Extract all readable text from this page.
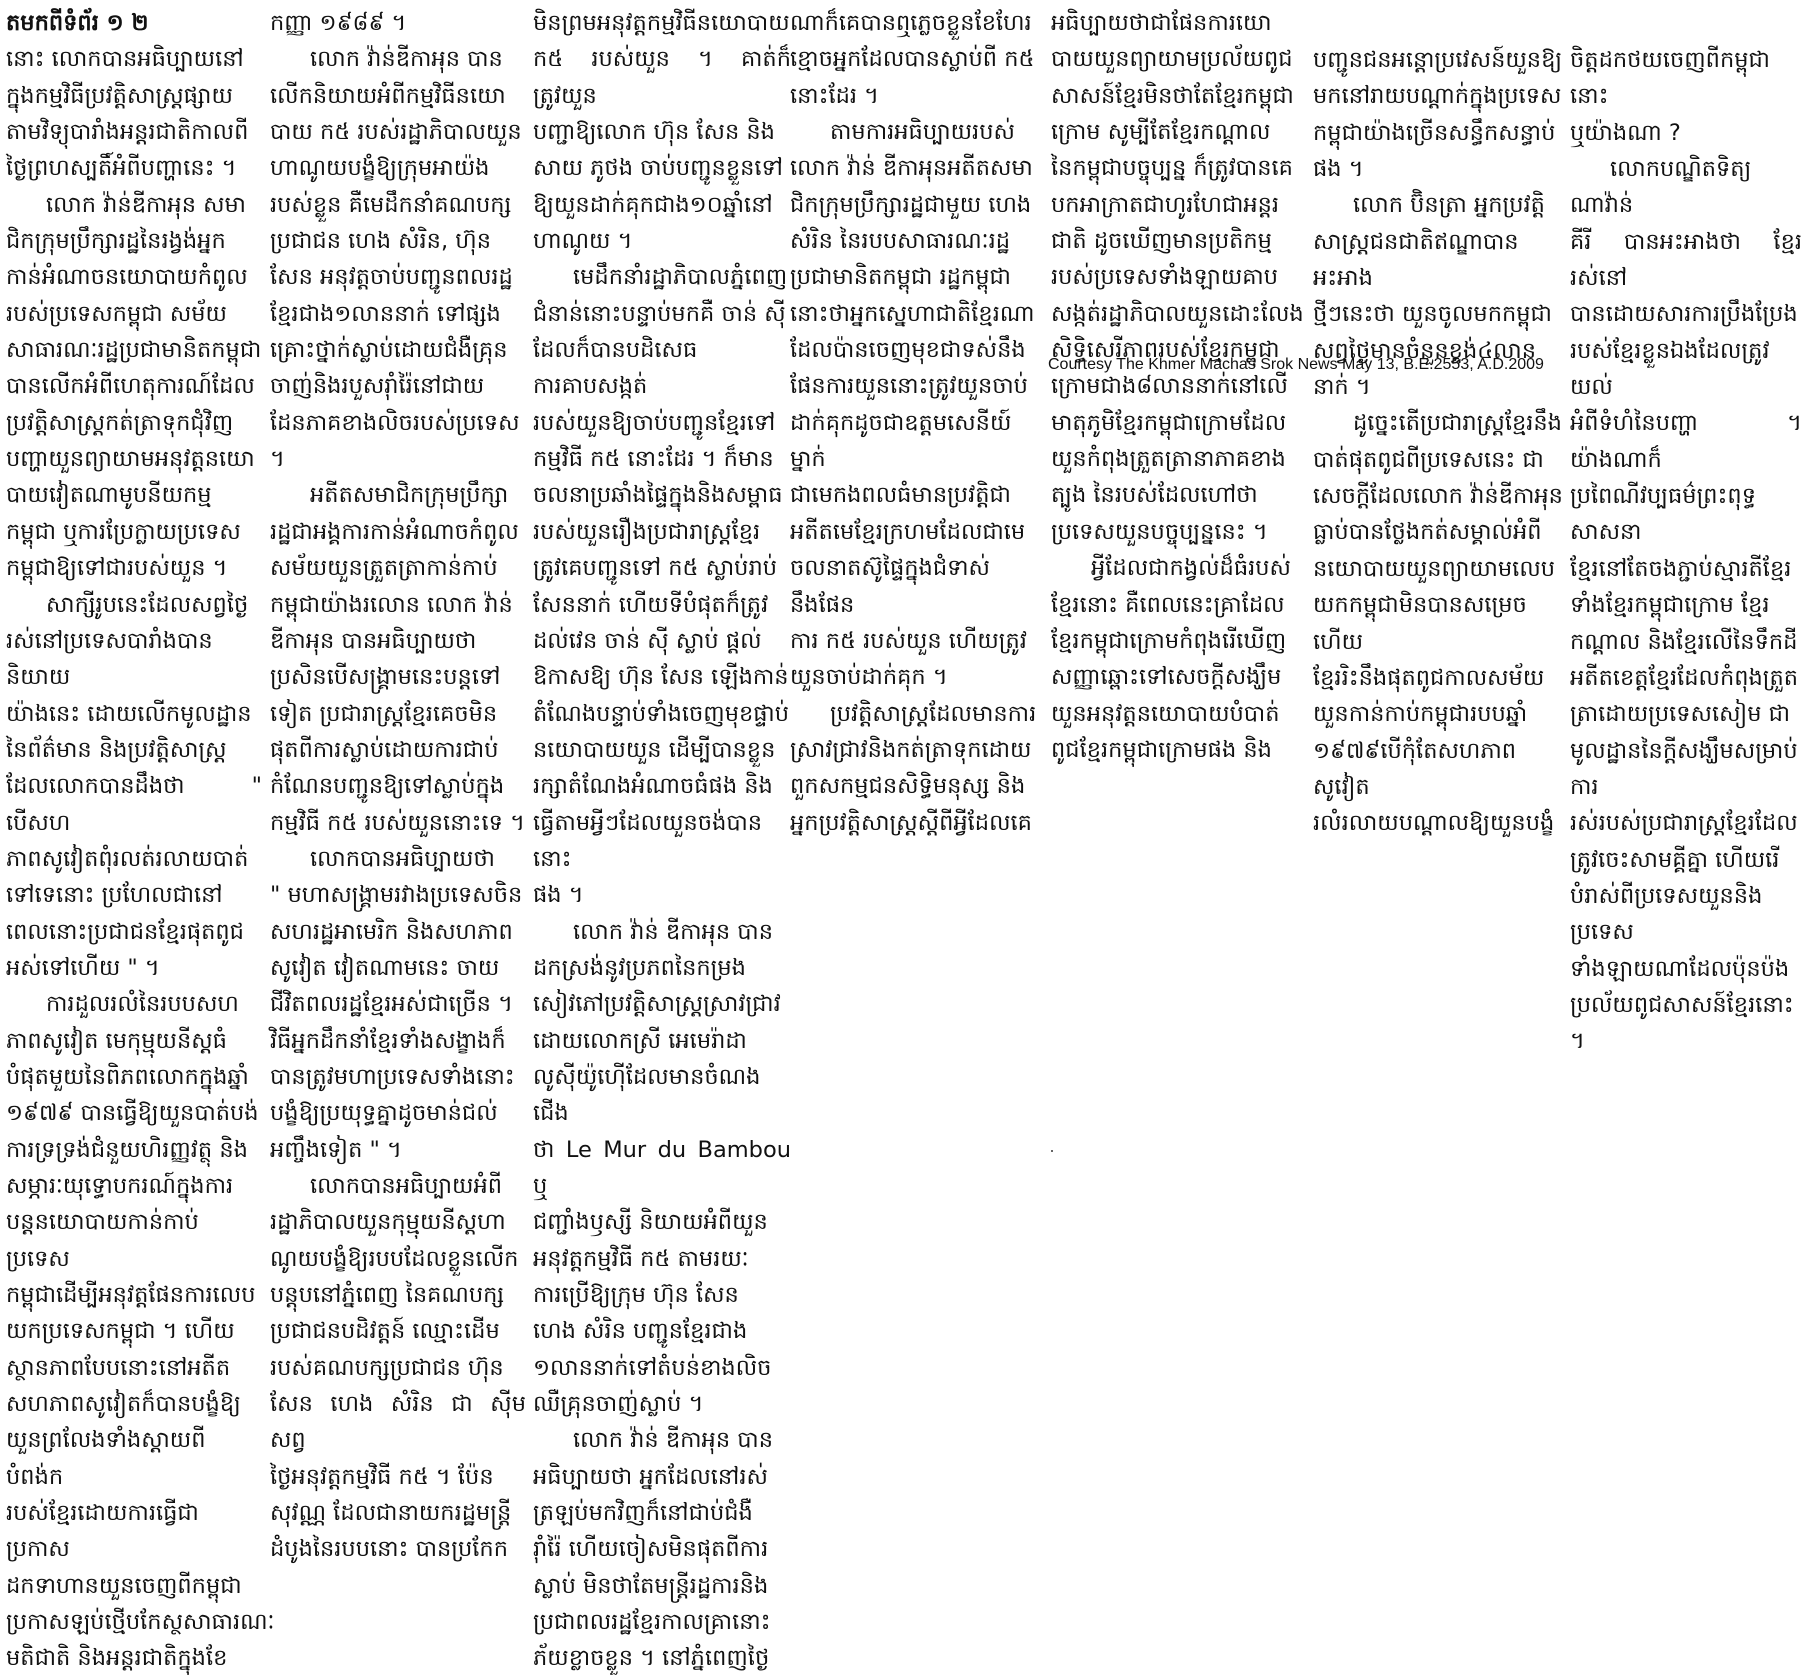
តមកពីទំព័រ ១ ២

នោះ លោកបានអធិប្បាយនៅ
ក្នុងកម្មវិធីប្រវត្តិសាស្ត្រផ្សាយ
តាមវិទ្យុបារាំងអន្តរជាតិកាលពី
ថ្ងៃព្រហស្បតិ៍អំពីបញ្ហានេះ ។

លោក វ៉ាន់ឌីកាអុន សមា
ជិកក្រុមប្រឹក្សារដ្ឋនៃរង្វង់អ្នក
កាន់អំណាចនយោបាយកំពូល
របស់ប្រទេសកម្ពុជា សម័យ
សាធារណៈរដ្ឋប្រជាមានិតកម្ពុជា
បានលើកអំពីហេតុការណ៍ដែល
ប្រវត្តិសាស្ត្រកត់ត្រាទុកជុំវិញ
បញ្ហាយួនព្យាយាមអនុវត្តនយោ
បាយវៀតណាមូបនីយកម្ម
កម្ពុជា ឬការប្រែក្លាយប្រទេស
កម្ពុជាឱ្យទៅជារបស់យួន ។

សាក្សីរូបនេះដែលសព្វថ្ងៃ
រស់នៅប្រទេសបារាំងបាននិយាយ
យ៉ាងនេះ ដោយលើកមូលដ្ឋាន
នៃព័ត៌មាន និងប្រវត្តិសាស្ត្រ
ដែលលោកបានដឹងថា " បើសហ
ភាពសូវៀតពុំរលត់រលាយបាត់
ទៅទេនោះ ប្រហែលជានៅ
ពេលនោះប្រជាជនខ្មែរផុតពូជ
អស់ទៅហើយ " ។

ការដួលរលំនៃរបបសហ
ភាពសូវៀត មេកុម្មុយនីស្តធំ
បំផុតមួយនៃពិភពលោកក្នុងឆ្នាំ
១៩៧៩ បានធ្វើឱ្យយួនបាត់បង់
ការទ្រទ្រង់ជំនួយហិរញ្ញវត្ថុ និង
សម្ភារៈយុទ្ធោបករណ៍ក្នុងការ
បន្តនយោបាយកាន់កាប់ប្រទេស
កម្ពុជាដើម្បីអនុវត្តផែនការលេប
យកប្រទេសកម្ពុជា ។ ហើយ
ស្ថានភាពបែបនោះនៅអតីត
សហភាពសូវៀតក៏បានបង្ខំឱ្យ
យួនព្រលែងទាំងស្តាយពីបំពង់ក
របស់ខ្មែរដោយការធ្វើជាប្រកាស
ដកទាហានយួនចេញពីកម្ពុជា
ប្រកាសឡប់ថ្មើបកែស្ថសាធារណៈ
មតិជាតិ និងអន្តរជាតិក្នុងខែ

កញ្ញា ១៩៨៩ ។

លោក វ៉ាន់ឌីកាអុន បាន
លើកនិយាយអំពីកម្មវិធីនយោ
បាយ ក៥ របស់រដ្ឋាភិបាលយួន
ហាណូយបង្ខំឱ្យក្រុមអាយ៉ង
របស់ខ្លួន គឺមេដឹកនាំគណបក្ស
ប្រជាជន ហេង សំរិន, ហ៊ុន
សែន អនុវត្តចាប់បញ្ជូនពលរដ្ឋ
ខ្មែរជាង១លាននាក់ ទៅផ្សង
គ្រោះថ្នាក់ស្លាប់ដោយជំងឺគ្រុន
ចាញ់និងរបួសរ៉ាំរ៉ៃនៅជាយ
ដែនភាគខាងលិចរបស់ប្រទេស ។

អតីតសមាជិកក្រុមប្រឹក្សា
រដ្ឋជាអង្គការកាន់អំណាចកំពូល
សម័យយួនត្រួតត្រាកាន់កាប់
កម្ពុជាយ៉ាងរលោន លោក វ៉ាន់
ឌីកាអុន បានអធិប្បាយថា
ប្រសិនបើសង្គ្រាមនេះបន្តទៅ
ទៀត ប្រជារាស្ត្រខ្មែរគេចមិន
ផុតពីការស្លាប់ដោយការជាប់
កំណែនបញ្ជូនឱ្យទៅស្លាប់ក្នុង
កម្មវិធី ក៥ របស់យួននោះទេ ។

លោកបានអធិប្បាយថា
" មហាសង្គ្រាមរវាងប្រទេសចិន
សហរដ្ឋអាមេរិក និងសហភាព
សូវៀត វៀតណាមនេះ ចាយ
ជីវិតពលរដ្ឋខ្មែរអស់ជាច្រើន ។
វិធីអ្នកដឹកនាំខ្មែរទាំងសង្ខាងក៏
បានត្រូវមហាប្រទេសទាំងនោះ
បង្ខំឱ្យប្រយុទ្ធគ្នាដូចមាន់ជល់
អញ្ចឹងទៀត " ។

លោកបានអធិប្បាយអំពី
រដ្ឋាភិបាលយួនកុម្មុយនីស្តហា
ណូយបង្ខំឱ្យរបបដែលខ្លួនលើក
បន្តុបនៅភ្នំពេញ នៃគណបក្ស
ប្រជាជនបដិវត្តន៍ ឈ្មោះដើម
របស់គណបក្សប្រជាជន ហ៊ុន
សែន ហេង សំរិន ជា ស៊ីម សព្វ
ថ្ងៃអនុវត្តកម្មវិធី ក៥ ។ ប៉ែន
សុវណ្ណ ដែលជានាយករដ្ឋមន្ត្រី
ដំបូងនៃរបបនោះ បានប្រកែក

មិនព្រមអនុវត្តកម្មវិធីនយោបាយ
ក៥ របស់យួន ។ គាត់ក៏ត្រូវយួន
បញ្ជាឱ្យលោក ហ៊ុន សែន និង
សាយ ភូថង ចាប់បញ្ជូនខ្លួនទៅ
ឱ្យយួនដាក់គុកជាង១០ឆ្នាំនៅ
ហាណូយ ។

មេដឹកនាំរដ្ឋាភិបាលភ្នំពេញ
ជំនាន់នោះបន្ទាប់មកគឺ ចាន់ ស៊ី
ដែលក៏បានបដិសេធការគាបសង្កត់
របស់យួនឱ្យចាប់បញ្ជូនខ្មែរទៅ
កម្មវិធី ក៥ នោះដែរ ។ ក៏មាន
ចលនាប្រឆាំងផ្ទៃក្នុងនិងសម្ពាធ
របស់យួនរឿងប្រជារាស្ត្រខ្មែរ
ត្រូវគេបញ្ជូនទៅ ក៥ ស្លាប់រាប់
សែននាក់ ហើយទីបំផុតក៏ត្រូវ
ដល់វេន ចាន់ ស៊ី ស្លាប់ ផ្តល់
ឱកាសឱ្យ ហ៊ុន សែន ឡើងកាន់
តំណែងបន្ទាប់ទាំងចេញមុខផ្ទាប់
នយោបាយយួន ដើម្បីបានខ្លួន
រក្សាតំណែងអំណាចធំផង និង
ធ្វើតាមអ្វីៗដែលយួនចង់បាននោះ
ផង ។

លោក វ៉ាន់ ឌីកាអុន បាន
ដកស្រង់នូវប្រភពនៃកម្រង
សៀវភៅប្រវត្តិសាស្ត្រស្រាវជ្រាវ
ដោយលោកស្រី អេមេរ៉ាដា
លូស៊ីយ៉ូហ៊ើដែលមានចំណងជើង
ថា Le Mur du Bambou ឬ
ជញ្ជាំងឫស្សី និយាយអំពីយួន
អនុវត្តកម្មវិធី ក៥ តាមរយៈ
ការប្រើឱ្យក្រុម ហ៊ុន សែន
ហេង សំរិន បញ្ជូនខ្មែរជាង
១លាននាក់ទៅតំបន់ខាងលិច
ឈឺគ្រុនចាញ់ស្លាប់ ។

លោក វ៉ាន់ ឌីកាអុន បាន
អធិប្បាយថា អ្នកដែលនៅរស់
ត្រឡប់មកវិញក៏នៅជាប់ជំងឺ
រ៉ាំរ៉ៃ ហើយចៀសមិនផុតពីការ
ស្លាប់ មិនថាតែមន្ត្រីរដ្ឋការនិង
ប្រជាពលរដ្ឋខ្មែរកាលគ្រានោះ
ភ័យខ្លាចខ្លួន ។ នៅភ្នំពេញថ្ងៃ

ណាក៏គេបានឮភ្លេចខ្លួនខែហែរ
ខ្មោចអ្នកដែលបានស្លាប់ពី ក៥
នោះដែរ ។

តាមការអធិប្បាយរបស់
លោក វ៉ាន់ ឌីកាអុនអតីតសមា
ជិកក្រុមប្រឹក្សារដ្ឋជាមួយ ហេង
សំរិន នៃរបបសាធារណៈរដ្ឋ
ប្រជាមានិតកម្ពុជា រដ្ឋកម្ពុជា
នោះថាអ្នកស្នេហាជាតិខ្មែរណា
ដែលប៉ានចេញមុខជាទស់នឹង
ផែនការយួននោះត្រូវយួនចាប់
ដាក់គុកដូចជាឧត្តមសេនីយ៍ម្នាក់
ជាមេកងពលធំមានប្រវត្តិជា
អតីតមេខ្មែរក្រហមដែលជាមេ
ចលនាតស៊ូផ្ទៃក្នុងជំទាស់នឹងផែន
ការ ក៥ របស់យួន ហើយត្រូវ
យួនចាប់ដាក់គុក ។

ប្រវត្តិសាស្ត្រដែលមានការ
ស្រាវជ្រាវនិងកត់ត្រាទុកដោយ
ពួកសកម្មជនសិទ្ធិមនុស្ស និង
អ្នកប្រវត្តិសាស្ត្រស្តីពីអ្វីដែលគេ

អធិប្បាយថាជាផែនការយោ
បាយយួនព្យាយាមប្រល័យពូជ
សាសន៍ខ្មែរមិនថាតែខ្មែរកម្ពុជា
ក្រោម សូម្បីតែខ្មែរកណ្តាល
នៃកម្ពុជាបច្ចុប្បន្ន ក៏ត្រូវបានគេ
បកអាក្រាតជាហូរហែជាអន្តរ
ជាតិ ដូចឃើញមានប្រតិកម្ម
របស់ប្រទេសទាំងឡាយគាប
សង្កត់រដ្ឋាភិបាលយួនដោះលែង
សិទ្ធិសេរីភាពរបស់ខ្មែរកម្ពុជា
ក្រោមជាង៨លាននាក់នៅលើ
មាតុភូមិខ្មែរកម្ពុជាក្រោមដែល
យួនកំពុងត្រួតត្រានាភាគខាង
ត្បូង នៃរបស់ដែលហៅថា
ប្រទេសយួនបច្ចុប្បន្ននេះ ។

អ្វីដែលជាកង្វល់ដ៏ធំរបស់
ខ្មែរនោះ គឺពេលនេះគ្រាដែល
ខ្មែរកម្ពុជាក្រោមកំពុងរើឃើញ
សញ្ញាឆ្ពោះទៅសេចក្តីសង្ឃឹម
យួនអនុវត្តនយោបាយបំបាត់
ពូជខ្មែរកម្ពុជាក្រោមផង និង

បញ្ជូនជនអន្តោប្រវេសន៍យួនឱ្យ
មកនៅរាយបណ្តាក់ក្នុងប្រទេស
កម្ពុជាយ៉ាងច្រើនសន្ធឹកសន្ធាប់
ផង ។

លោក ប៊ិនត្រា អ្នកប្រវត្តិ
សាស្ត្រជនជាតិឥណ្ឌាបានអះអាង
ថ្មីៗនេះថា យួនចូលមកកម្ពុជា
សព្វថ្ងៃមានចំនួនខ្ទង់៤លាននាក់ ។

ដូច្នេះតើប្រជារាស្ត្រខ្មែរនឹង
បាត់ផុតពូជពីប្រទេសនេះ ជា
សេចក្តីដែលលោក វ៉ាន់ឌីកាអុន
ធ្លាប់បានថ្លែងកត់សម្គាល់អំពី
នយោបាយយួនព្យាយាមលេប
យកកម្ពុជាមិនបានសម្រេចហើយ
ខ្មែររិះនឹងផុតពូជកាលសម័យ
យួនកាន់កាប់កម្ពុជារបបឆ្នាំ
១៩៧៩បើកុំតែសហភាពសូវៀត
រលំរលាយបណ្តាលឱ្យយួនបង្ខំ

ចិត្តដកថយចេញពីកម្ពុជានោះ
ឬយ៉ាងណា ?

លោកបណ្ឌិតទិត្យ ណាវ៉ាន់
គីរី បានអះអាងថា ខ្មែររស់នៅ
បានដោយសារការប្រឹងប្រែង
របស់ខ្មែរខ្លួនឯងដែលត្រូវយល់
អំពីទំហំនៃបញ្ហា ។ យ៉ាងណាក៏
ប្រពៃណីវប្បធម៌ព្រះពុទ្ធសាសនា
ខ្មែរនៅតែចងភ្ជាប់ស្មារតីខ្មែរ
ទាំងខ្មែរកម្ពុជាក្រោម ខ្មែរ
កណ្តាល និងខ្មែរលើនៃទឹកដី
អតីតខេត្តខ្មែរដែលកំពុងត្រួត
ត្រាដោយប្រទេសសៀម ជា
មូលដ្ឋាននៃក្តីសង្ឃឹមសម្រាប់ការ
រស់របស់ប្រជារាស្ត្រខ្មែរដែល
ត្រូវចេះសាមគ្គីគ្នា ហើយរើ
បំរាស់ពីប្រទេសយួននិងប្រទេស
ទាំងឡាយណាដែលប៉ុនប៉ង
ប្រល័យពូជសាសន៍ខ្មែរនោះ ។

Courtesy The Khmer Machas Srok News May 13, B.E.2553, A.D.2009
